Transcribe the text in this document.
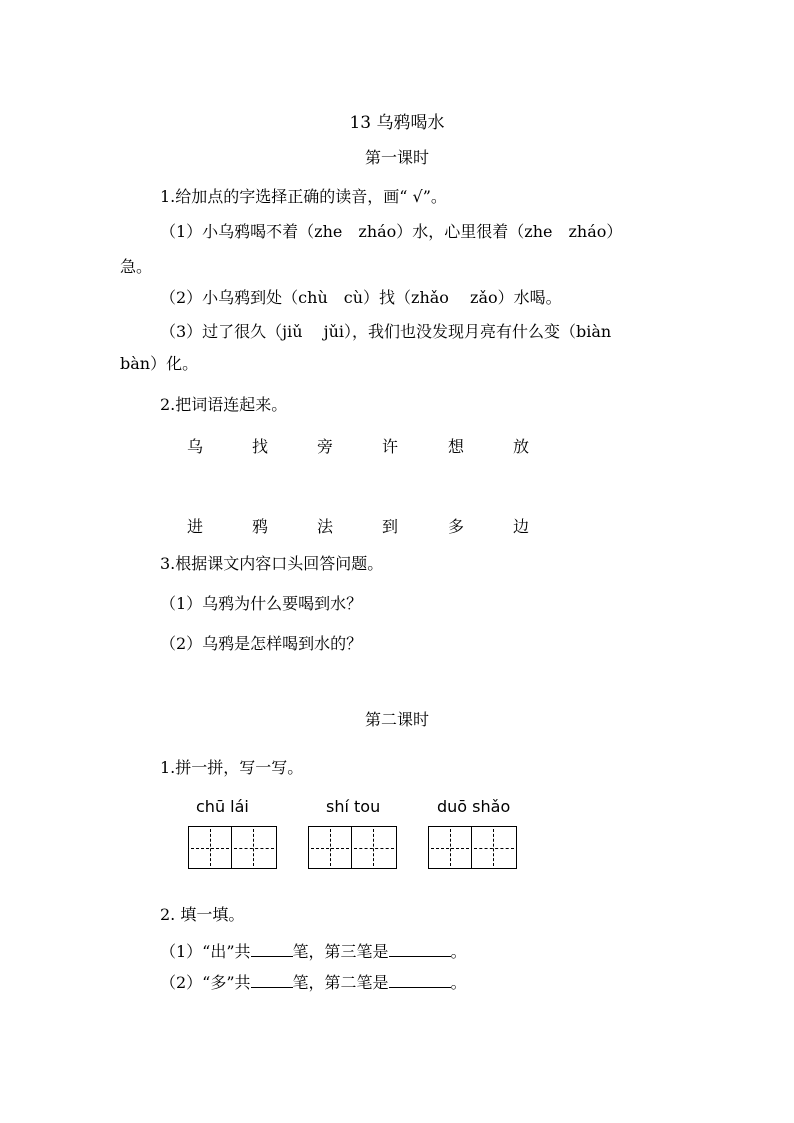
13 乌鸦喝水
第一课时
1.给加点的字选择正确的读音，画“ √”。
（1）小乌鸦喝不着（zhe　zháo）水，心里很着（zhe　zháo）
急。
（2）小乌鸦到处（chù　cù）找（zhǎo　 zǎo）水喝。
（3）过了很久（jiǔ　 jǔi），我们也没发现月亮有什么变（biàn
bàn）化。
2.把词语连起来。
乌	找	旁	许	想	放
进	鸦	法	到	多	边
3.根据课文内容口头回答问题。
（1）乌鸦为什么要喝到水？
（2）乌鸦是怎样喝到水的？
第二课时
1.拼一拼，写一写。
chū lái	shí tou	duō shǎo
2. 填一填。
（1）“出”共	笔，第三笔是	。
（2）“多”共	笔，第二笔是	。
